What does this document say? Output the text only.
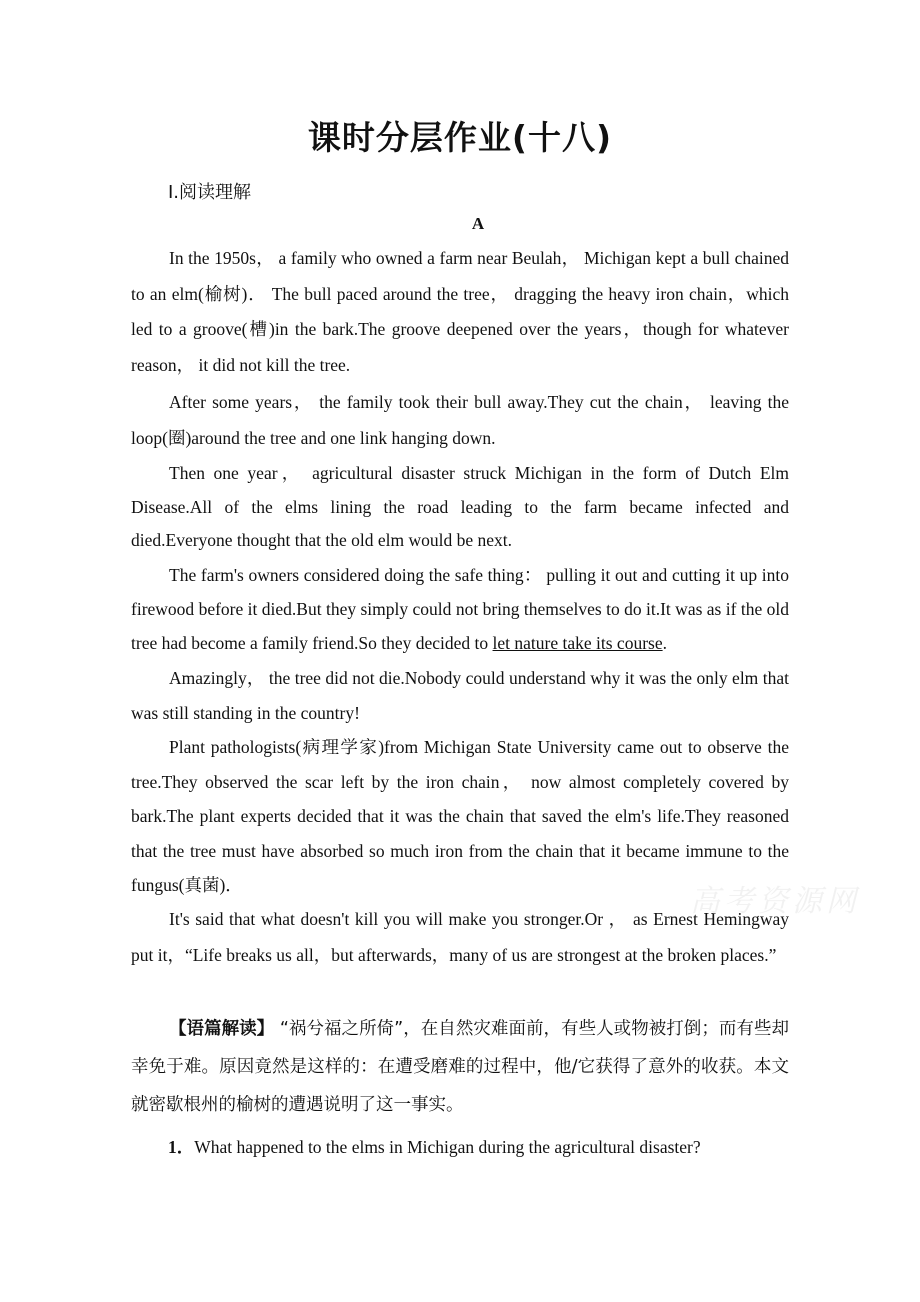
课时分层作业(十八)
Ⅰ.阅读理解
A

In the 1950s， a family who owned a farm near Beulah， Michigan kept a bull chained to an elm(榆树)． The bull paced around the tree， dragging the heavy iron chain，which led to a groove(槽)in the bark.The groove deepened over the years，though for whatever reason， it did not kill the tree.

After some years， the family took their bull away.They cut the chain， leaving the loop(圈)around the tree and one link hanging down.

Then one year， agricultural disaster struck Michigan in the form of Dutch Elm Disease.All of the elms lining the road leading to the farm became infected and died.Everyone thought that the old elm would be next.

The farm's owners considered doing the safe thing： pulling it out and cutting it up into firewood before it died.But they simply could not bring themselves to do it.It was as if the old tree had become a family friend.So they decided to let nature take its course.

Amazingly， the tree did not die.Nobody could understand why it was the only elm that was still standing in the country!

Plant pathologists(病理学家)from Michigan State University came out to observe the tree.They observed the scar left by the iron chain， now almost completely covered by bark.The plant experts decided that it was the chain that saved the elm's life.They reasoned that the tree must have absorbed so much iron from the chain that it became immune to the fungus(真菌)．

It's said that what doesn't kill you will make you stronger.Or ， as Ernest Hemingway put it，“Life breaks us all，but afterwards，many of us are strongest at the broken places.”

【语篇解读】 “祸兮福之所倚”，在自然灾难面前，有些人或物被打倒；而有些却幸免于难。原因竟然是这样的：在遭受磨难的过程中，他/它获得了意外的收获。本文就密歇根州的榆树的遭遇说明了这一事实。

1．What happened to the elms in Michigan during the agricultural disaster?
高考资源网
